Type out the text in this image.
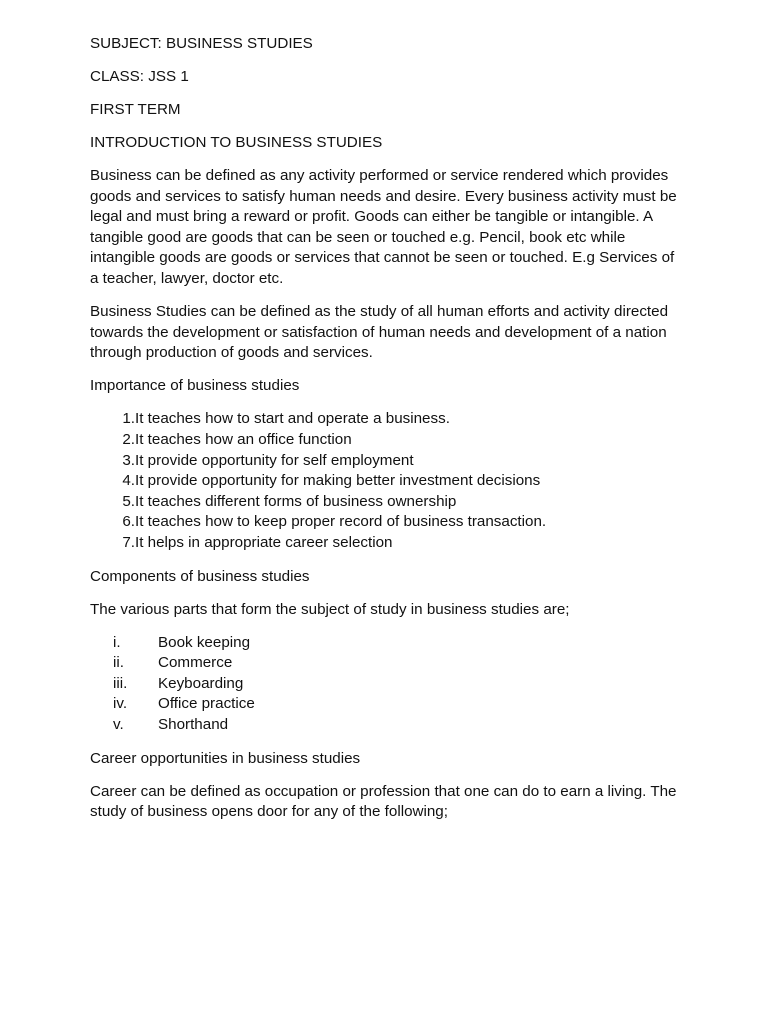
SUBJECT: BUSINESS STUDIES

CLASS: JSS 1

FIRST TERM

INTRODUCTION TO BUSINESS STUDIES

Business can be defined as any activity performed or service rendered which provides goods and services to satisfy human needs and desire. Every business activity must be legal and must bring a reward or profit. Goods can either be tangible or intangible. A tangible good are goods that can be seen or touched e.g. Pencil, book etc while intangible goods are goods or services that cannot be seen or touched. E.g Services of a teacher, lawyer, doctor etc.

Business Studies can be defined as the study of all human efforts and activity directed towards the development or satisfaction of human needs and development of a nation through production of goods and services.

Importance of business studies

1. It teaches how to start and operate a business.
2. It teaches how an office function
3. It provide opportunity for self employment
4. It provide opportunity for making better investment decisions
5. It teaches different forms of business ownership
6. It teaches how to keep proper record of business transaction.
7. It helps in appropriate career selection

Components of business studies

The various parts that form the subject of study in business studies are;

i.	Book keeping
ii.	Commerce
iii.	Keyboarding
iv.	Office practice
v.	Shorthand

Career opportunities in business studies

Career can be defined as occupation or profession that one can do to earn a living. The study of business opens door for any of the following;
